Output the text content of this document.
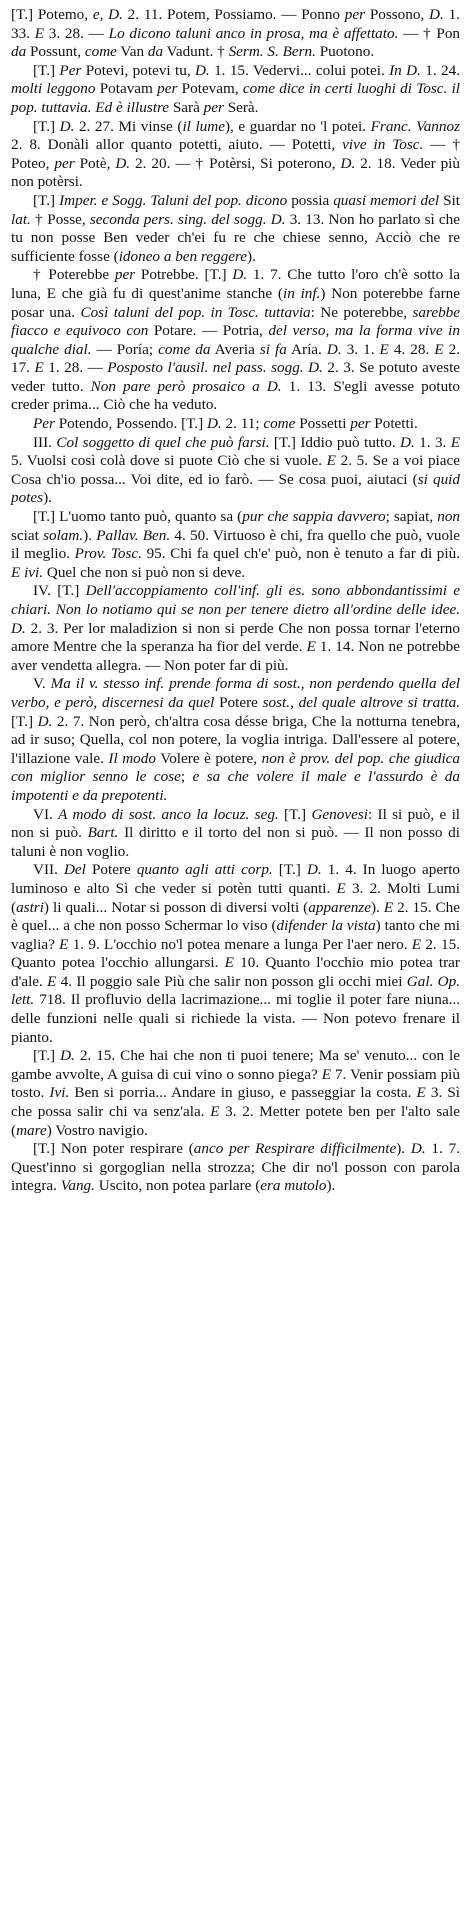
[T.] Potemo, e, D. 2. 11. Potem, Possiamo. — Ponno per Possono, D. 1. 33. E 3. 28. — Lo dicono taluni anco in prosa, ma è affettato. — † Pon da Possunt, come Van da Vadunt. † Serm. S. Bern. Puotono.

[T.] Per Potevi, potevi tu, D. 1. 15. Vedervi... colui potei. In D. 1. 24. molti leggono Potavam per Potevam, come dice in certi luoghi di Tosc. il pop. tuttavia. Ed è illustre Sarà per Serà.

[T.] D. 2. 27. Mi vinse (il lume), e guardar no 'l potei. Franc. Vannoz 2. 8. Donàli allor quanto potetti, aiuto. — Potetti, vive in Tosc. — † Poteo, per Potè, D. 2. 20. — † Potèrsi, Si poterono, D. 2. 18. Veder più non potèrsi.

[T.] Imper. e Sogg. Taluni del pop. dicono possia quasi memori del Sit lat. † Posse, seconda pers. sing. del sogg. D. 3. 13. Non ho parlato sì che tu non posse Ben veder ch'ei fu re che chiese senno, Acciò che re sufficiente fosse (idoneo a ben reggere).

† Poterebbe per Potrebbe. [T.] D. 1. 7. Che tutto l'oro ch'è sotto la luna, E che già fu di quest'anime stanche (in inf.) Non poterebbe farne posar una. Così taluni del pop. in Tosc. tuttavia: Ne poterebbe, sarebbe fiacco e equivoco con Potare. — Potria, del verso, ma la forma vive in qualche dial. — Poría; come da Averia si fa Aría. D. 3. 1. E 4. 28. E 2. 17. E 1. 28. — Posposto l'ausil. nel pass. sogg. D. 2. 3. Se potuto aveste veder tutto. Non pare però prosaico a D. 1. 13. S'egli avesse potuto creder prima... Ciò che ha veduto.

Per Potendo, Possendo. [T.] D. 2. 11; come Possetti per Potetti.

III. Col soggetto di quel che può farsi. [T.] Iddio può tutto. D. 1. 3. E 5. Vuolsi così colà dove si puote Ciò che si vuole. E 2. 5. Se a voi piace Cosa ch'io possa... Voi dite, ed io farò. — Se cosa puoi, aiutaci (si quid potes).

[T.] L'uomo tanto può, quanto sa (pur che sappia davvero; sapiat, non sciat solam.). Pallav. Ben. 4. 50. Virtuoso è chi, fra quello che può, vuole il meglio. Prov. Tosc. 95. Chi fa quel ch'e' può, non è tenuto a far di più. E ivi. Quel che non si può non si deve.

IV. [T.] Dell'accoppiamento coll'inf. gli es. sono abbondantissimi e chiari. Non lo notiamo qui se non per tenere dietro all'ordine delle idee. D. 2. 3. Per lor maladizion si non si perde Che non possa tornar l'eterno amore Mentre che la speranza ha fior del verde. E 1. 14. Non ne potrebbe aver vendetta allegra. — Non poter far di più.

V. Ma il v. stesso inf. prende forma di sost., non perdendo quella del verbo, e però, discernesi da quel Potere sost., del quale altrove si tratta. [T.] D. 2. 7. Non però, ch'altra cosa désse briga, Che la notturna tenebra, ad ir suso; Quella, col non potere, la voglia intriga. Dall'essere al potere, l'illazione vale. Il modo Volere è potere, non è prov. del pop. che giudica con miglior senno le cose; e sa che volere il male e l'assurdo è da impotenti e da prepotenti.

VI. A modo di sost. anco la locuz. seg. [T.] Genovesi: Il si può, e il non si può. Bart. Il diritto e il torto del non si può. — Il non posso di taluni è non voglio.

VII. Del Potere quanto agli atti corp. [T.] D. 1. 4. In luogo aperto luminoso e alto Sì che veder si potèn tutti quanti. E 3. 2. Molti Lumi (astri) li quali... Notar si posson di diversi volti (apparenze). E 2. 15. Che è quel... a che non posso Schermar lo viso (difender la vista) tanto che mi vaglia? E 1. 9. L'occhio no'l potea menare a lunga Per l'aer nero. E 2. 15. Quanto potea l'occhio allungarsi. E 10. Quanto l'occhio mio potea trar d'ale. E 4. Il poggio sale Più che salir non posson gli occhi miei Gal. Op. lett. 718. Il profluvio della lacrimazione... mi toglie il poter fare niuna... delle funzioni nelle quali si richiede la vista. — Non potevo frenare il pianto.

[T.] D. 2. 15. Che hai che non ti puoi tenere; Ma se' venuto... con le gambe avvolte, A guisa di cui vino o sonno piega? E 7. Venir possiam più tosto. Ivi. Ben si porria... Andare in giuso, e passeggiar la costa. E 3. Sì che possa salir chi va senz'ala. E 3. 2. Metter potete ben per l'alto sale (mare) Vostro navigio.

[T.] Non poter respirare (anco per Respirare difficilmente). D. 1. 7. Quest'inno si gorgoglian nella strozza; Che dir no'l posson con parola integra. Vang. Uscito, non potea parlare (era mutolo).
